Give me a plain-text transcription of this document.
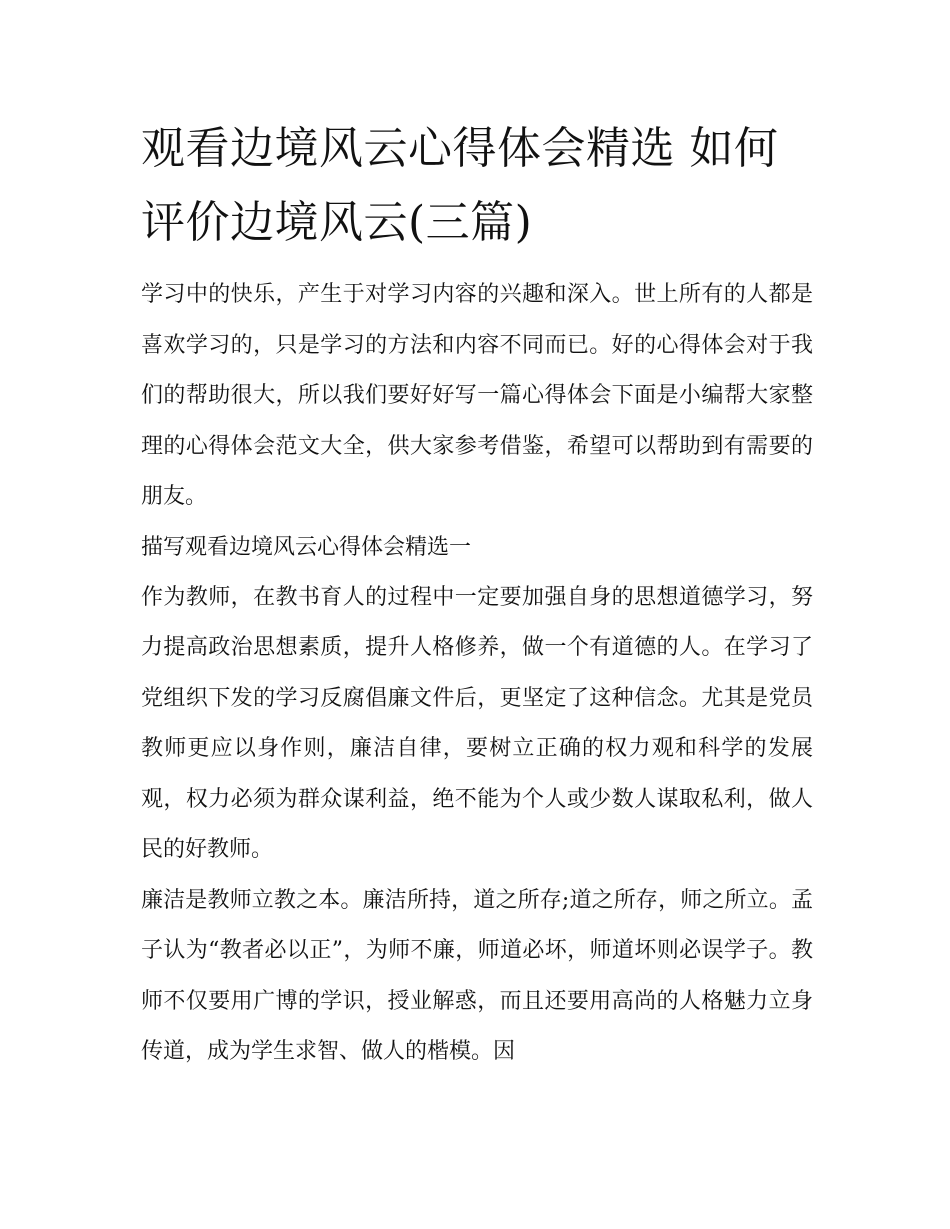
观看边境风云心得体会精选 如何评价边境风云(三篇)

学习中的快乐，产生于对学习内容的兴趣和深入。世上所有的人都是喜欢学习的，只是学习的方法和内容不同而已。好的心得体会对于我们的帮助很大，所以我们要好好写一篇心得体会下面是小编帮大家整理的心得体会范文大全，供大家参考借鉴，希望可以帮助到有需要的朋友。

描写观看边境风云心得体会精选一

作为教师，在教书育人的过程中一定要加强自身的思想道德学习，努力提高政治思想素质，提升人格修养，做一个有道德的人。在学习了党组织下发的学习反腐倡廉文件后，更坚定了这种信念。尤其是党员教师更应以身作则，廉洁自律，要树立正确的权力观和科学的发展观，权力必须为群众谋利益，绝不能为个人或少数人谋取私利，做人民的好教师。

廉洁是教师立教之本。廉洁所持，道之所存;道之所存，师之所立。孟子认为“教者必以正”，为师不廉，师道必坏，师道坏则必误学子。教师不仅要用广博的学识，授业解惑，而且还要用高尚的人格魅力立身传道，成为学生求智、做人的楷模。因
